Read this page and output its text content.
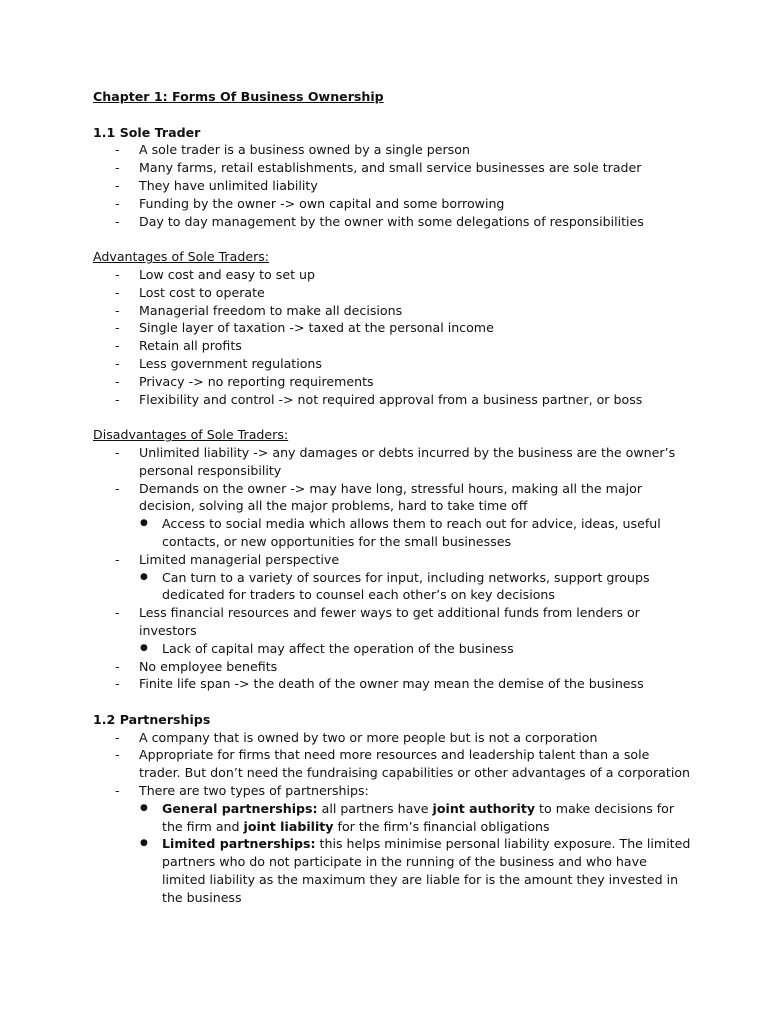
Chapter 1: Forms Of Business Ownership
1.1 Sole Trader
- A sole trader is a business owned by a single person
- Many farms, retail establishments, and small service businesses are sole trader
- They have unlimited liability
- Funding by the owner -> own capital and some borrowing
- Day to day management by the owner with some delegations of responsibilities
Advantages of Sole Traders:
- Low cost and easy to set up
- Lost cost to operate
- Managerial freedom to make all decisions
- Single layer of taxation -> taxed at the personal income
- Retain all profits
- Less government regulations
- Privacy -> no reporting requirements
- Flexibility and control -> not required approval from a business partner, or boss
Disadvantages of Sole Traders:
- Unlimited liability -> any damages or debts incurred by the business are the owner’s personal responsibility
- Demands on the owner -> may have long, stressful hours, making all the major decision, solving all the major problems, hard to take time off
● Access to social media which allows them to reach out for advice, ideas, useful contacts, or new opportunities for the small businesses
- Limited managerial perspective
● Can turn to a variety of sources for input, including networks, support groups dedicated for traders to counsel each other’s on key decisions
- Less financial resources and fewer ways to get additional funds from lenders or investors
● Lack of capital may affect the operation of the business
- No employee benefits
- Finite life span -> the death of the owner may mean the demise of the business
1.2 Partnerships
- A company that is owned by two or more people but is not a corporation
- Appropriate for firms that need more resources and leadership talent than a sole trader. But don’t need the fundraising capabilities or other advantages of a corporation
- There are two types of partnerships:
● General partnerships: all partners have joint authority to make decisions for the firm and joint liability for the firm’s financial obligations
● Limited partnerships: this helps minimise personal liability exposure. The limited partners who do not participate in the running of the business and who have limited liability as the maximum they are liable for is the amount they invested in the business
